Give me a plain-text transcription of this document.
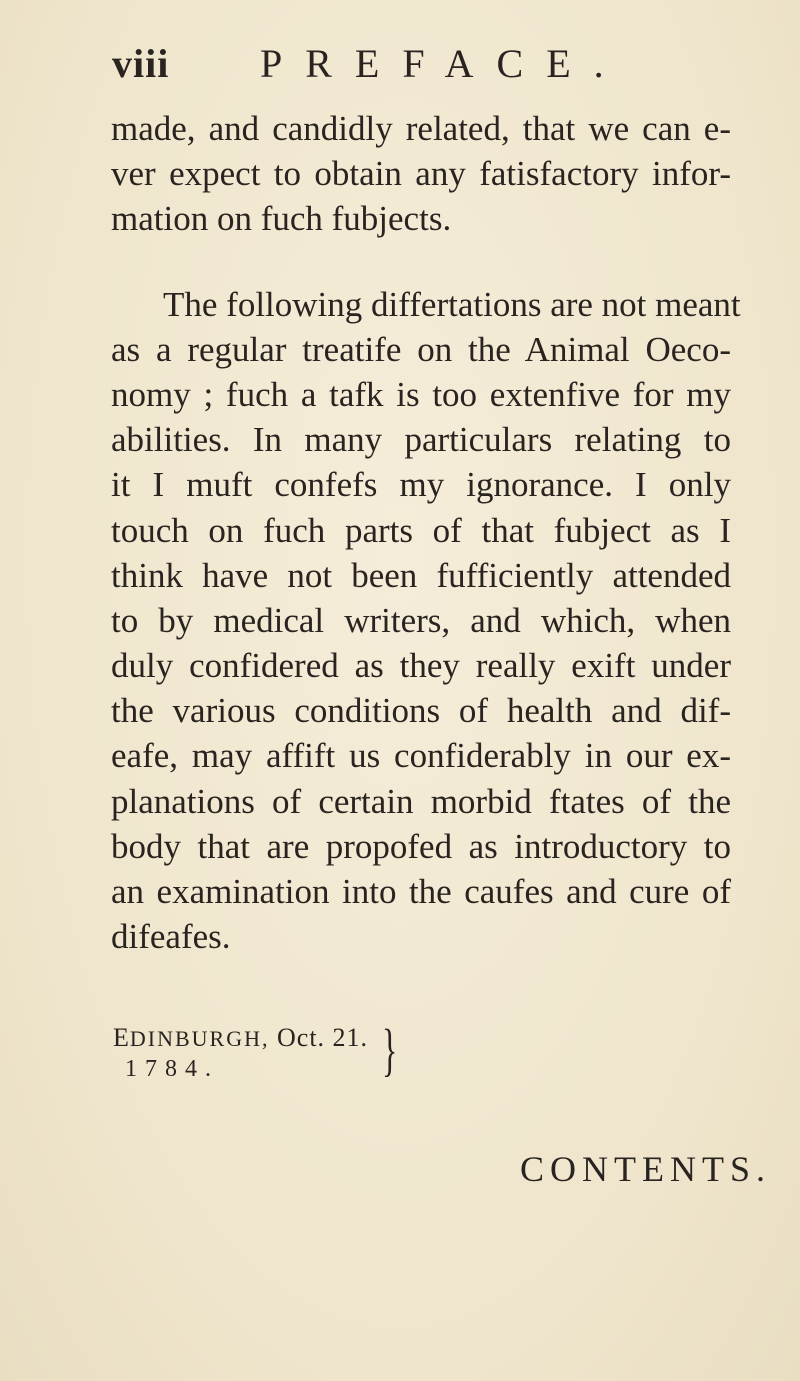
viii PREFACE.
made, and candidly related, that we can e-
ver expect to obtain any fatisfactory infor-
mation on fuch fubjects.
The following differtations are not meant
as a regular treatife on the Animal Oeco-
nomy ; fuch a tafk is too extenfive for my
abilities. In many particulars relating to
it I muft confefs my ignorance. I only
touch on fuch parts of that fubject as I
think have not been fufficiently attended
to by medical writers, and which, when
duly confidered as they really exift under
the various conditions of health and dif-
eafe, may affift us confiderably in our ex-
planations of certain morbid ftates of the
body that are propofed as introductory to
an examination into the caufes and cure of
difeafes.
EDINBURGH, Oct. 21.
1784.	}
CONTENTS.
